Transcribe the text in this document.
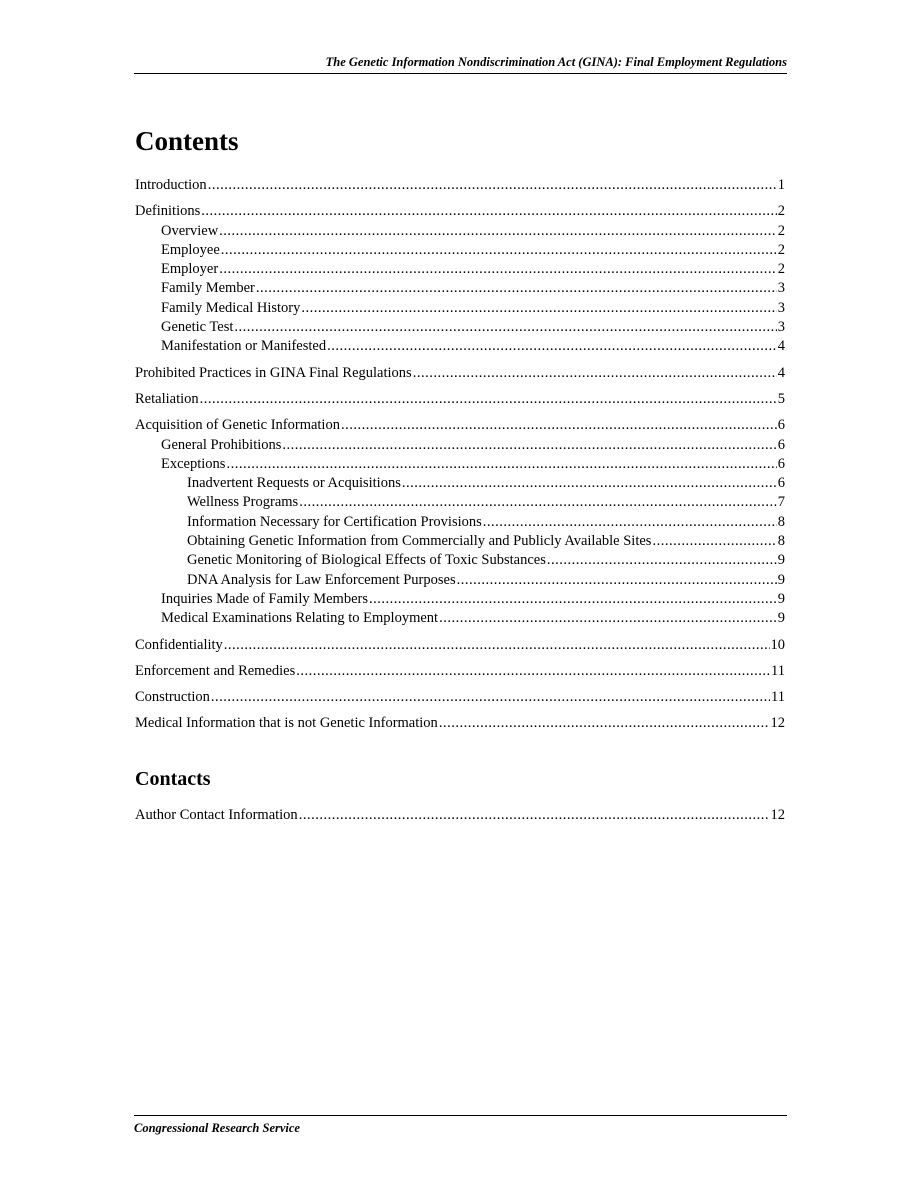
The Genetic Information Nondiscrimination Act (GINA): Final Employment Regulations
Contents
Introduction .....	1
Definitions .....	2
Overview .....	2
Employee .....	2
Employer .....	2
Family Member .....	3
Family Medical History .....	3
Genetic Test .....	3
Manifestation or Manifested .....	4
Prohibited Practices in GINA Final Regulations .....	4
Retaliation .....	5
Acquisition of Genetic Information .....	6
General Prohibitions .....	6
Exceptions .....	6
Inadvertent Requests or Acquisitions .....	6
Wellness Programs .....	7
Information Necessary for Certification Provisions .....	8
Obtaining Genetic Information from Commercially and Publicly Available Sites .....	8
Genetic Monitoring of Biological Effects of Toxic Substances .....	9
DNA Analysis for Law Enforcement Purposes .....	9
Inquiries Made of Family Members .....	9
Medical Examinations Relating to Employment .....	9
Confidentiality .....	10
Enforcement and Remedies .....	11
Construction .....	11
Medical Information that is not Genetic Information .....	12
Contacts
Author Contact Information .....	12
Congressional Research Service
